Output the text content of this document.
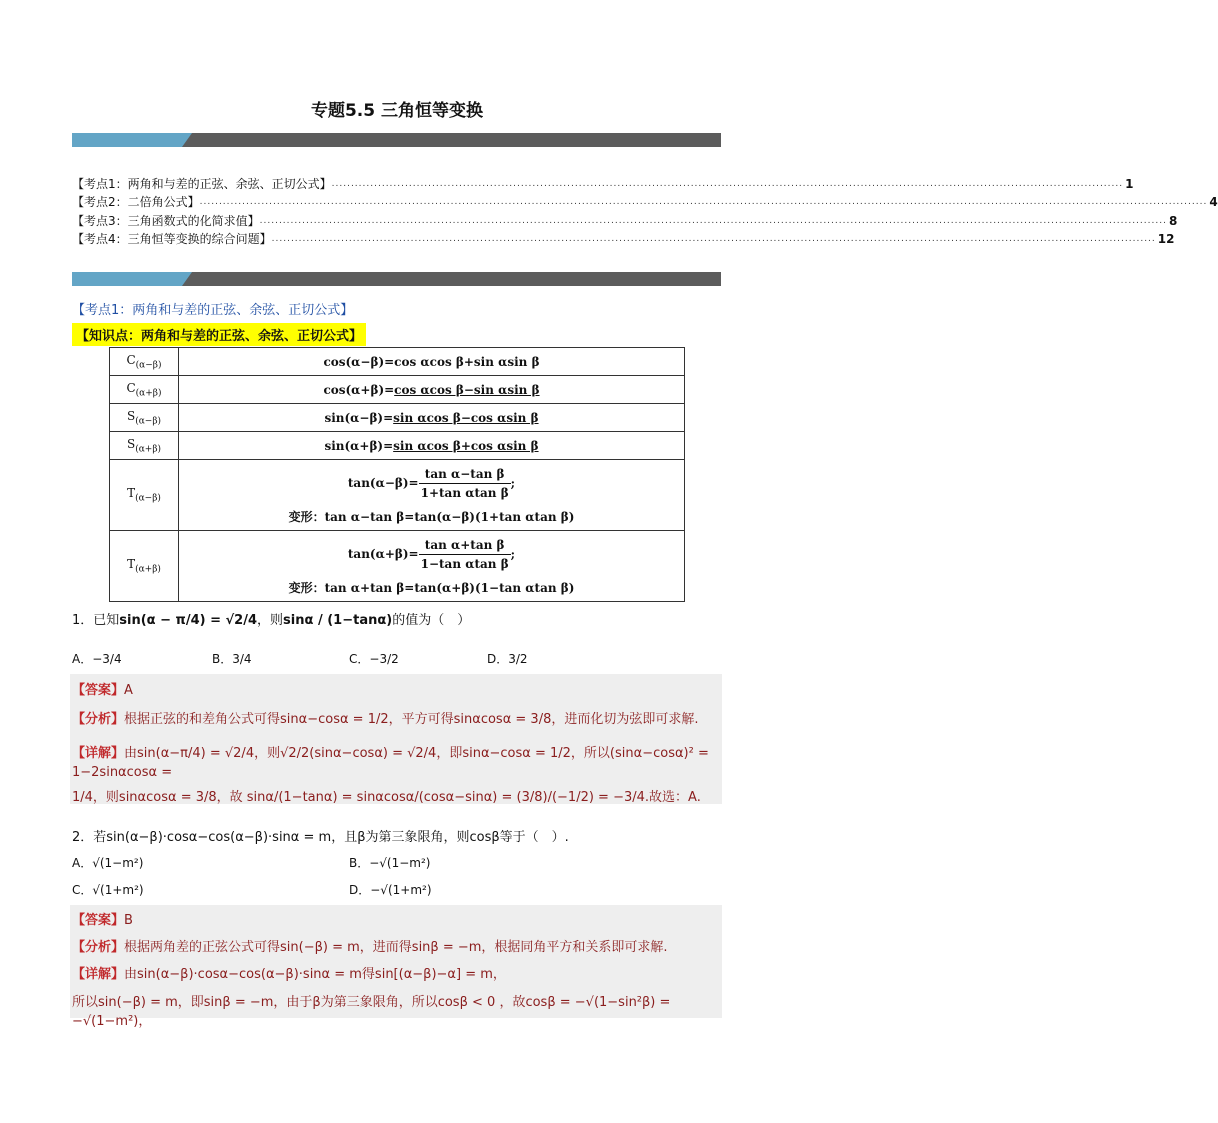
专题5.5 三角恒等变换
【考点1：两角和与差的正弦、余弦、正切公式】 ............................................................................................................................................................................................................. 1
【考点2：二倍角公式】 ..................................................................................................................................................................................................................................................................... 4
【考点3：三角函数式的化简求值】 ........................................................................................................................................................................................................................................... 8
【考点4：三角恒等变换的综合问题】 ..................................................................................................................................................................................................................................... 12
【考点1：两角和与差的正弦、余弦、正切公式】
【知识点：两角和与差的正弦、余弦、正切公式】
$C_{(\alpha-\beta)}$	cos(α−β)=cos αcos β+sin αsin β
$C_{(\alpha+\beta)}$	cos(α+β)=cos αcos β−sin αsin β
$S_{(\alpha-\beta)}$	sin(α−β)=sin αcos β−cos αsin β
$S_{(\alpha+\beta)}$	sin(α+β)=sin αcos β+cos αsin β
$T_{(\alpha-\beta)}$	$\tan(\alpha-\beta)= \frac{\text{tan α−tan β}}{\text{1+tan αtan β}}$ ;
变形：tan α−tan β=tan(α−β)(1+tan αtan β)

$T_{(\alpha+\beta)}$	$\tan(\alpha+\beta)= \frac{\text{tan α+tan β}}{\text{1−tan αtan β}}$ ;
变形：tan α+tan β=tan(α+β)(1−tan αtan β)
1．已知sin(α − π/4) = √2/4，则sinα / (1−tanα)的值为（　）
A．−3/4	B．3/4	C．−3/2	D．3/2
【答案】A
【分析】根据正弦的和差角公式可得sinα−cosα = 1/2，平方可得sinαcosα = 3/8，进而化切为弦即可求解.
【详解】由sin(α−π/4) = √2/4，则√2/2(sinα−cosα) = √2/4，即sinα−cosα = 1/2，所以(sinα−cosα)² = 1−2sinαcosα =
1/4，则sinαcosα = 3/8，故 sinα/(1−tanα) = sinαcosα/(cosα−sinα) = (3/8)/(−1/2) = −3/4.故选：A.
2．若sin(α−β)·cosα−cos(α−β)·sinα = m，且β为第三象限角，则cosβ等于（　）.
A．√(1−m²)	B．−√(1−m²)
C．√(1+m²)	D．−√(1+m²)
【答案】B
【分析】根据两角差的正弦公式可得sin(−β) = m，进而得sinβ = −m，根据同角平方和关系即可求解.
【详解】由sin(α−β)·cosα−cos(α−β)·sinα = m得sin[(α−β)−α] = m，
所以sin(−β) = m，即sinβ = −m，由于β为第三象限角，所以cosβ < 0 ，故cosβ = −√(1−sin²β) = −√(1−m²)，
